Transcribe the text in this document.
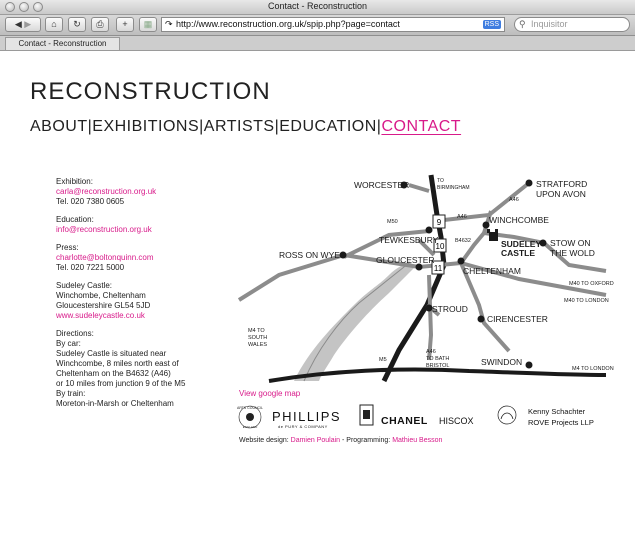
Contact - Reconstruction
◀ ▶	⌂	↻	⎙	+	▦	↷ http://www.reconstruction.org.uk/spip.php?page=contact	RSS ⚲ Inquisitor
Contact - Reconstruction
RECONSTRUCTION
ABOUT|EXHIBITIONS|ARTISTS|EDUCATION|CONTACT
Exhibition:
carla@reconstruction.org.uk
Tel. 020 7380 0605
Education:
info@reconstruction.org.uk
Press:
charlotte@boltonquinn.com
Tel. 020 7221 5000
Sudeley Castle:
Winchombe, Cheltenham
Gloucestershire GL54 5JD
www.sudeleycastle.co.uk
Directions:
By car:
Sudeley Castle is situated near
Winchcombe, 8 miles north east of
Cheltenham on the B4632 (A46)
or 10 miles from junction 9 of the M5
By train:
Moreton-in-Marsh or Cheltenham
9
10
11
WORCESTER	TO
BIRMINGHAM	STRATFORD
UPON AVON
WINCHCOMBE
TEWKESBURY	SUDELEY
CASTLE
STOW ON
THE WOLD
ROSS ON WYE	GLOUCESTER
CHELTENHAM
STROUD
CIRENCESTER
SWINDON
M40 TO OXFORD
M40 TO LONDON
M4 TO LONDON
M4 TO
SOUTH
WALES
A46
TO BATH
BRISTOL
M50
A46
A46
B4632
M5
View google map
ARTS COUNCIL
ENGLAND
PHILLIPS
de PURY & COMPANY	CHANEL HISCOX
Kenny Schachter
ROVE Projects LLP
Website design: Damien Poulain - Programming: Mathieu Besson
